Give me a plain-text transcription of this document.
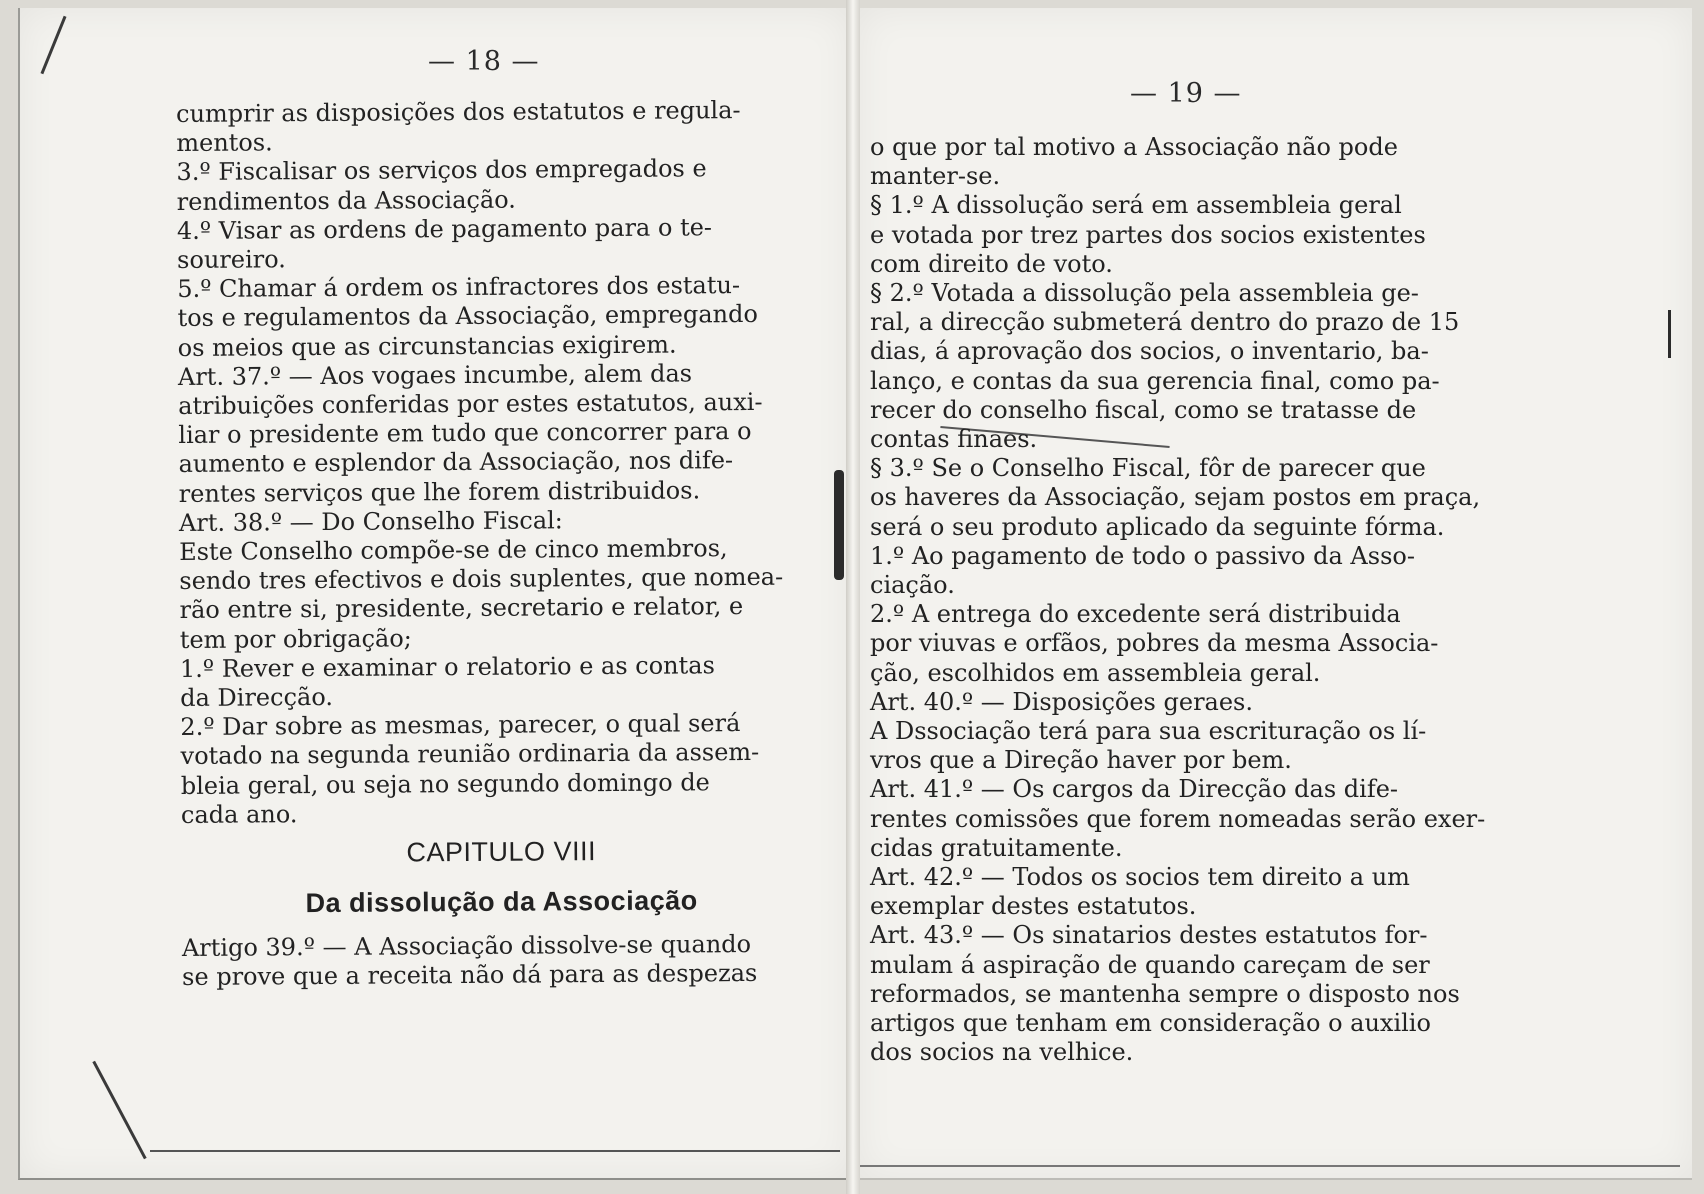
— 18 —

cumprir as disposições dos estatutos e regula-

mentos.

3.º Fiscalisar os serviços dos empregados e

rendimentos da Associação.

4.º Visar as ordens de pagamento para o te-

soureiro.

5.º Chamar á ordem os infractores dos estatu-

tos e regulamentos da Associação, empregando

os meios que as circunstancias exigirem.

Art. 37.º — Aos vogaes incumbe, alem das

atribuições conferidas por estes estatutos, auxi-

liar o presidente em tudo que concorrer para o

aumento e esplendor da Associação, nos dife-

rentes serviços que lhe forem distribuidos.

Art. 38.º — Do Conselho Fiscal:

Este Conselho compõe-se de cinco membros,

sendo tres efectivos e dois suplentes, que nomea-

rão entre si, presidente, secretario e relator, e

tem por obrigação;

1.º Rever e examinar o relatorio e as contas

da Direcção.

2.º Dar sobre as mesmas, parecer, o qual será

votado na segunda reunião ordinaria da assem-

bleia geral, ou seja no segundo domingo de

cada ano.

CAPITULO VIII

Da dissolução da Associação

Artigo 39.º — A Associação dissolve-se quando

se prove que a receita não dá para as despezas

— 19 —

o que por tal motivo a Associação não pode

manter-se.

§ 1.º A dissolução será em assembleia geral

e votada por trez partes dos socios existentes

com direito de voto.

§ 2.º Votada a dissolução pela assembleia ge-

ral, a direcção submeterá dentro do prazo de 15

dias, á aprovação dos socios, o inventario, ba-

lanço, e contas da sua gerencia final, como pa-

recer do conselho fiscal, como se tratasse de

contas finaes.

§ 3.º Se o Conselho Fiscal, fôr de parecer que

os haveres da Associação, sejam postos em praça,

será o seu produto aplicado da seguinte fórma.

1.º Ao pagamento de todo o passivo da Asso-

ciação.

2.º A entrega do excedente será distribuida

por viuvas e orfãos, pobres da mesma Associa-

ção, escolhidos em assembleia geral.

Art. 40.º — Disposições geraes.

A Dssociação terá para sua escrituração os lí-

vros que a Direção haver por bem.

Art. 41.º — Os cargos da Direcção das dife-

rentes comissões que forem nomeadas serão exer-

cidas gratuitamente.

Art. 42.º — Todos os socios tem direito a um

exemplar destes estatutos.

Art. 43.º — Os sinatarios destes estatutos for-

mulam á aspiração de quando careçam de ser

reformados, se mantenha sempre o disposto nos

artigos que tenham em consideração o auxilio

dos socios na velhice.
